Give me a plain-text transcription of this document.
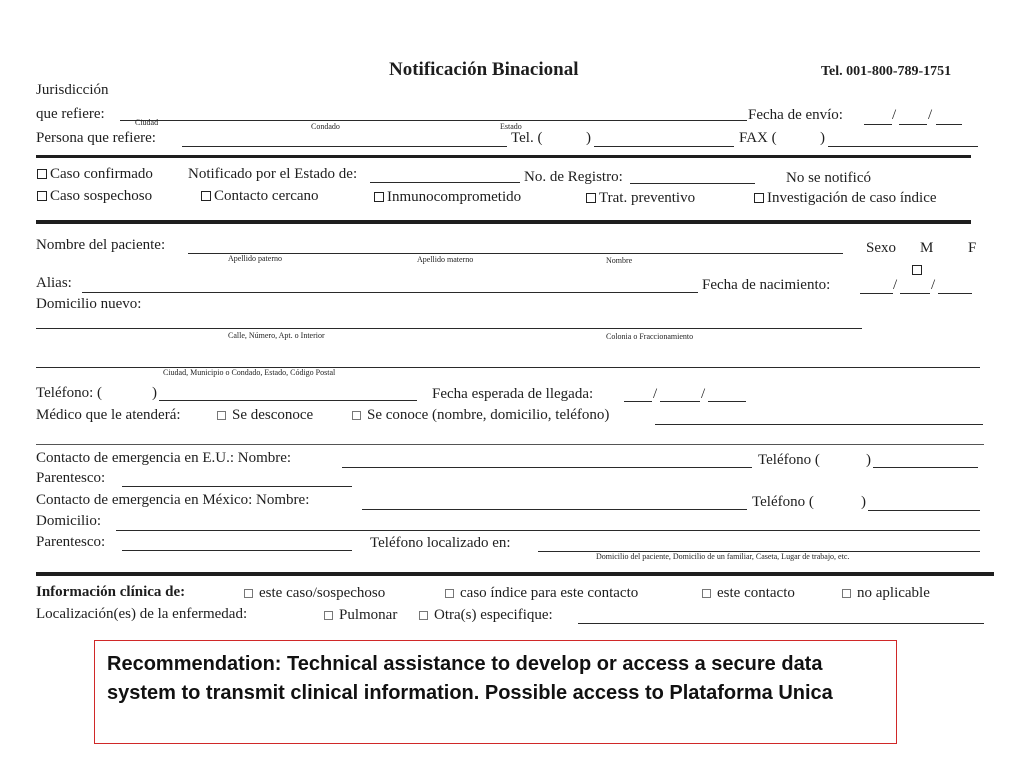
Notificación Binacional	Tel. 001-800-789-1751
Jurisdicción
que refiere:
Ciudad	Condado	Estado
Fecha de envío:	/ /
Persona que refiere:	Tel. (	)	FAX (	)
Caso confirmado Notificado por el Estado de:	No. de Registro:	No se notificó
Caso sospechoso	Contacto cercano	Inmunocomprometido	Trat. preventivo	Investigación de caso índice
Nombre del paciente:
Apellido paterno	Apellido materno	Nombre
Sexo M F
Alias:	Fecha de nacimiento:	/ /
Domicilio nuevo:
Calle, Número, Apt. o Interior	Colonia o Fraccionamiento
Ciudad, Municipio o Condado, Estado, Código Postal
Teléfono: (	)	Fecha esperada de llegada:	/	/
Médico que le atenderá:	Se desconoce	Se conoce (nombre, domicilio, teléfono)
Contacto de emergencia en E.U.: Nombre:	Teléfono (	)
Parentesco:
Contacto de emergencia en México: Nombre:	Teléfono (	)
Domicilio:
Parentesco:	Teléfono localizado en:
Domicilio del paciente, Domicilio de un familiar, Caseta, Lugar de trabajo, etc.
Información clínica de:	este caso/sospechoso	caso índice para este contacto	este contacto	no aplicable
Localización(es) de la enfermedad:	Pulmonar	Otra(s) especifique:
Recommendation: Technical assistance to develop or access a secure data system to transmit clinical information. Possible access to Plataforma Unica
